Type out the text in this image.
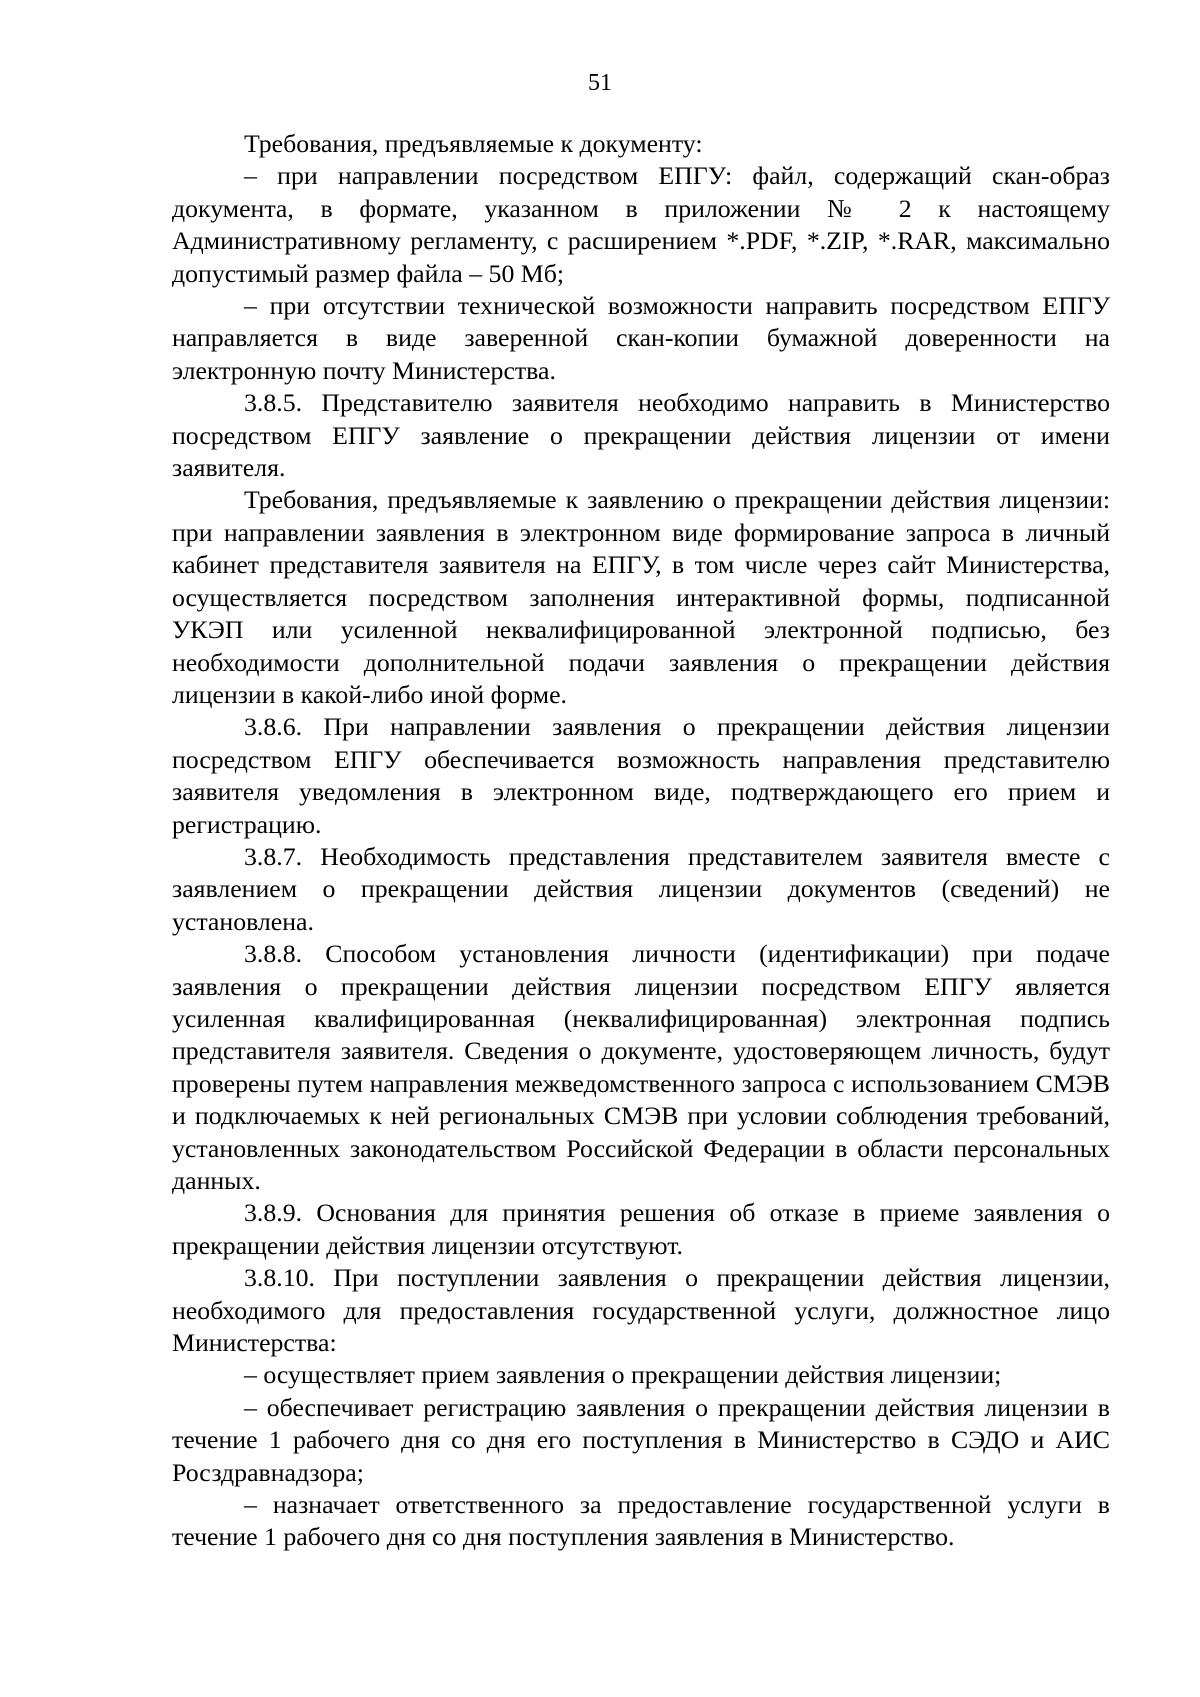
51

Требования, предъявляемые к документу:

– при направлении посредством ЕПГУ: файл, содержащий скан-образ документа, в формате, указанном в приложении № 2 к настоящему Административному регламенту, с расширением *.PDF, *.ZIP, *.RAR, максимально допустимый размер файла – 50 Мб;

– при отсутствии технической возможности направить посредством ЕПГУ направляется в виде заверенной скан-копии бумажной доверенности на электронную почту Министерства.

3.8.5. Представителю заявителя необходимо направить в Министерство посредством ЕПГУ заявление о прекращении действия лицензии от имени заявителя.

Требования, предъявляемые к заявлению о прекращении действия лицензии: при направлении заявления в электронном виде формирование запроса в личный кабинет представителя заявителя на ЕПГУ, в том числе через сайт Министерства, осуществляется посредством заполнения интерактивной формы, подписанной УКЭП или усиленной неквалифицированной электронной подписью, без необходимости дополнительной подачи заявления о прекращении действия лицензии в какой-либо иной форме.

3.8.6. При направлении заявления о прекращении действия лицензии посредством ЕПГУ обеспечивается возможность направления представителю заявителя уведомления в электронном виде, подтверждающего его прием и регистрацию.

3.8.7. Необходимость представления представителем заявителя вместе с заявлением о прекращении действия лицензии документов (сведений) не установлена.

3.8.8. Способом установления личности (идентификации) при подаче заявления о прекращении действия лицензии посредством ЕПГУ является усиленная квалифицированная (неквалифицированная) электронная подпись представителя заявителя. Сведения о документе, удостоверяющем личность, будут проверены путем направления межведомственного запроса с использованием СМЭВ и подключаемых к ней региональных СМЭВ при условии соблюдения требований, установленных законодательством Российской Федерации в области персональных данных.

3.8.9. Основания для принятия решения об отказе в приеме заявления о прекращении действия лицензии отсутствуют.

3.8.10. При поступлении заявления о прекращении действия лицензии, необходимого для предоставления государственной услуги, должностное лицо Министерства:

– осуществляет прием заявления о прекращении действия лицензии;

– обеспечивает регистрацию заявления о прекращении действия лицензии в течение 1 рабочего дня со дня его поступления в Министерство в СЭДО и АИС Росздравнадзора;

– назначает ответственного за предоставление государственной услуги в течение 1 рабочего дня со дня поступления заявления в Министерство.
